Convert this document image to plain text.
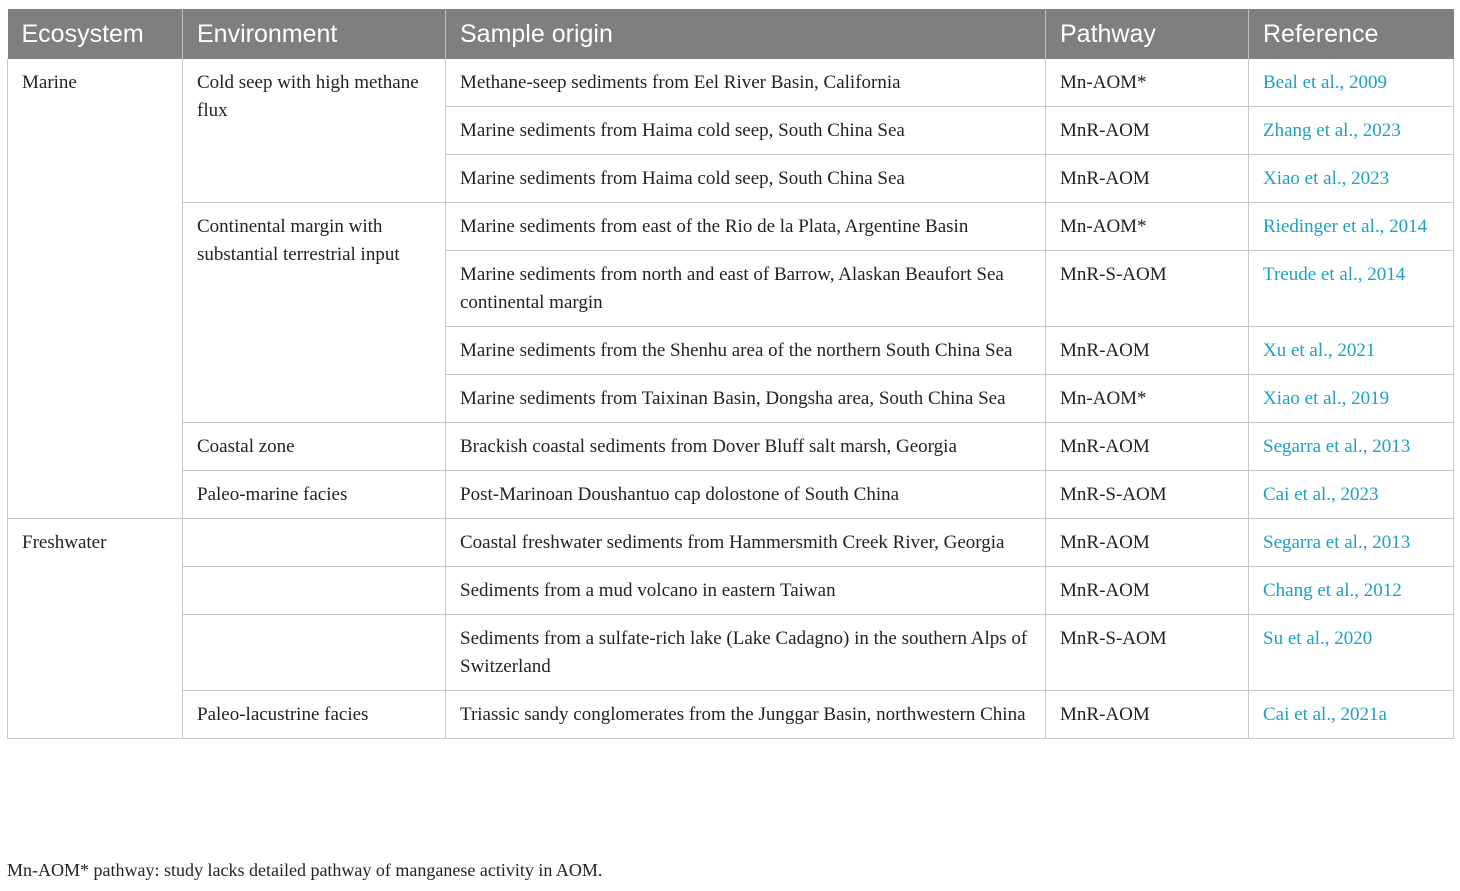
Ecosystem	Environment	Sample origin	Pathway	Reference
Marine	Cold seep with high methane flux	Methane-seep sediments from Eel River Basin, California	Mn-AOM*	Beal et al., 2009
		Marine sediments from Haima cold seep, South China Sea	MnR-AOM	Zhang et al., 2023
		Marine sediments from Haima cold seep, South China Sea	MnR-AOM	Xiao et al., 2023
	Continental margin with substantial terrestrial input	Marine sediments from east of the Rio de la Plata, Argentine Basin	Mn-AOM*	Riedinger et al., 2014
		Marine sediments from north and east of Barrow, Alaskan Beaufort Sea continental margin	MnR-S-AOM	Treude et al., 2014
		Marine sediments from the Shenhu area of the northern South China Sea	MnR-AOM	Xu et al., 2021
		Marine sediments from Taixinan Basin, Dongsha area, South China Sea	Mn-AOM*	Xiao et al., 2019
	Coastal zone	Brackish coastal sediments from Dover Bluff salt marsh, Georgia	MnR-AOM	Segarra et al., 2013
	Paleo-marine facies	Post-Marinoan Doushantuo cap dolostone of South China	MnR-S-AOM	Cai et al., 2023
Freshwater		Coastal freshwater sediments from Hammersmith Creek River, Georgia	MnR-AOM	Segarra et al., 2013
		Sediments from a mud volcano in eastern Taiwan	MnR-AOM	Chang et al., 2012
		Sediments from a sulfate-rich lake (Lake Cadagno) in the southern Alps of Switzerland	MnR-S-AOM	Su et al., 2020
	Paleo-lacustrine facies	Triassic sandy conglomerates from the Junggar Basin, northwestern China	MnR-AOM	Cai et al., 2021a
Mn-AOM* pathway: study lacks detailed pathway of manganese activity in AOM.
